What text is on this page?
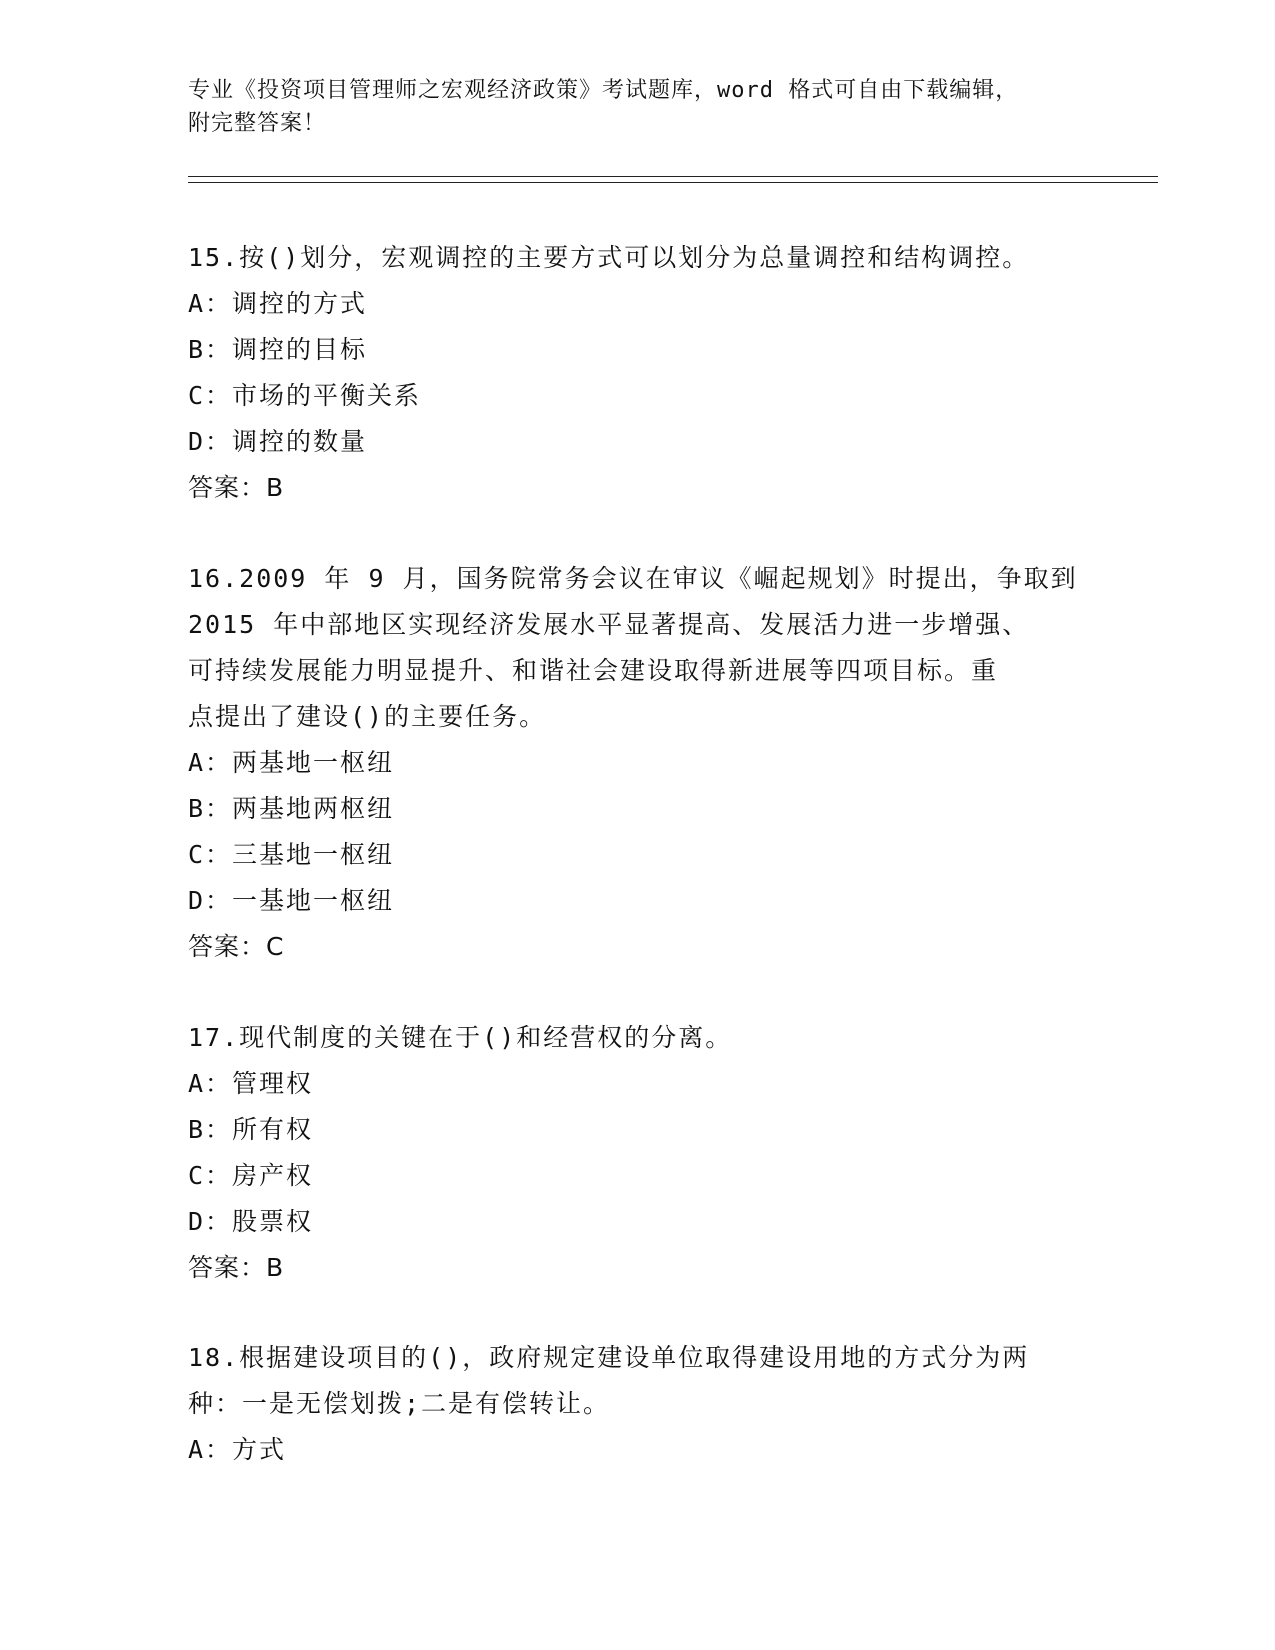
专业《投资项目管理师之宏观经济政策》考试题库，word 格式可自由下载编辑，
附完整答案！
15.按()划分，宏观调控的主要方式可以划分为总量调控和结构调控。
A：调控的方式
B：调控的目标
C：市场的平衡关系
D：调控的数量
答案：B
16.2009 年 9 月，国务院常务会议在审议《崛起规划》时提出，争取到
2015 年中部地区实现经济发展水平显著提高、发展活力进一步增强、
可持续发展能力明显提升、和谐社会建设取得新进展等四项目标。重
点提出了建设()的主要任务。
A：两基地一枢纽
B：两基地两枢纽
C：三基地一枢纽
D：一基地一枢纽
答案：C
17.现代制度的关键在于()和经营权的分离。
A：管理权
B：所有权
C：房产权
D：股票权
答案：B
18.根据建设项目的()，政府规定建设单位取得建设用地的方式分为两
种：一是无偿划拨;二是有偿转让。
A：方式
